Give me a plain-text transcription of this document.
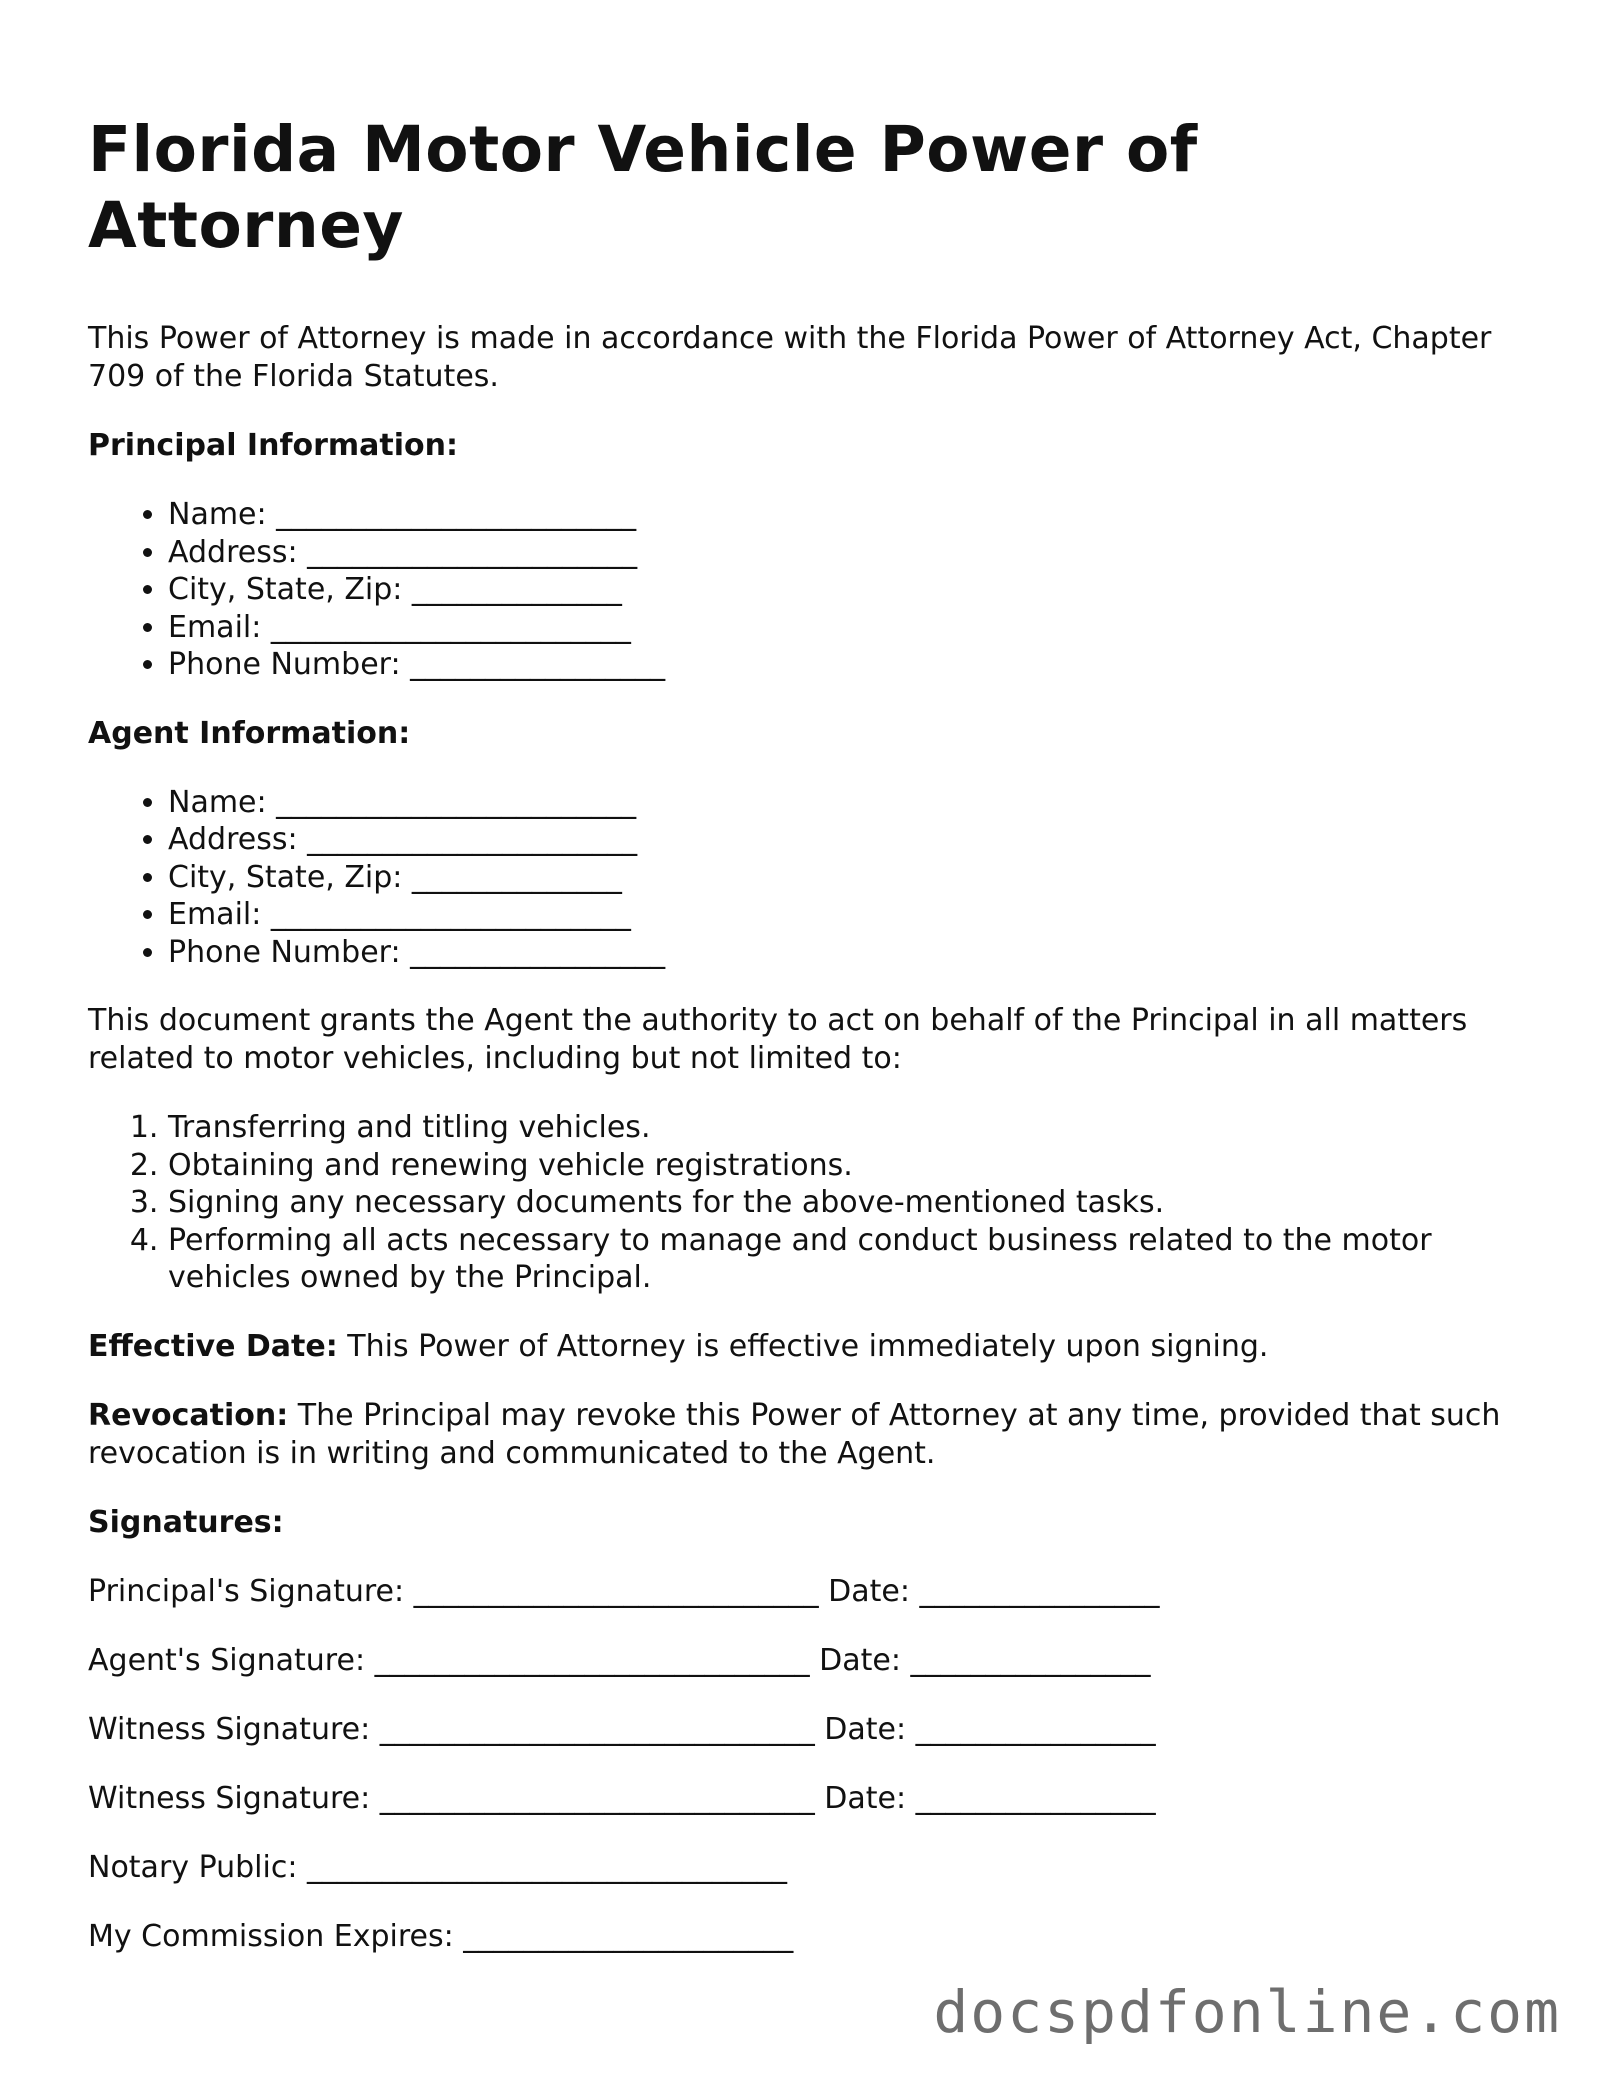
Florida Motor Vehicle Power of Attorney

This Power of Attorney is made in accordance with the Florida Power of Attorney Act, Chapter 709 of the Florida Statutes.

Principal Information:

• Name: ________________________
• Address: ______________________
• City, State, Zip: ______________
• Email: ________________________
• Phone Number: _________________

Agent Information:

• Name: ________________________
• Address: ______________________
• City, State, Zip: ______________
• Email: ________________________
• Phone Number: _________________

This document grants the Agent the authority to act on behalf of the Principal in all matters related to motor vehicles, including but not limited to:

1. Transferring and titling vehicles.
2. Obtaining and renewing vehicle registrations.
3. Signing any necessary documents for the above-mentioned tasks.
4. Performing all acts necessary to manage and conduct business related to the motor vehicles owned by the Principal.

Effective Date: This Power of Attorney is effective immediately upon signing.

Revocation: The Principal may revoke this Power of Attorney at any time, provided that such revocation is in writing and communicated to the Agent.

Signatures:

Principal's Signature: ___________________________ Date: ________________
Agent's Signature: _____________________________ Date: ________________
Witness Signature: _____________________________ Date: ________________
Witness Signature: _____________________________ Date: ________________
Notary Public: ________________________________
My Commission Expires: ______________________
docspdfonline.com
